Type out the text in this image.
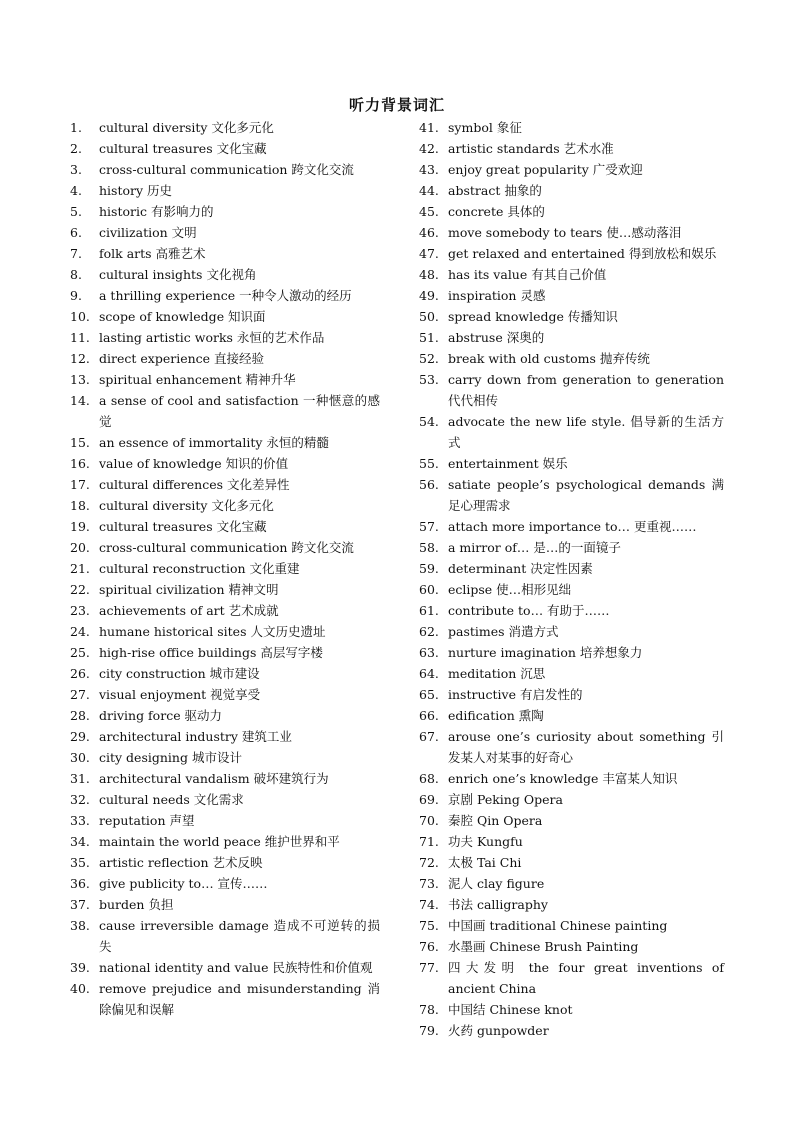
听力背景词汇
1.	cultural diversity 文化多元化
2.	cultural treasures 文化宝藏
3.	cross-cultural communication 跨文化交流
4.	history 历史
5.	historic 有影响力的
6.	civilization 文明
7.	folk arts 高雅艺术
8.	cultural insights 文化视角
9.	a thrilling experience 一种令人激动的经历
10. scope of knowledge 知识面
11. lasting artistic works 永恒的艺术作品
12. direct experience 直接经验
13. spiritual enhancement 精神升华
14. a sense of cool and satisfaction 一种惬意的感觉
15. an essence of immortality 永恒的精髓
16. value of knowledge 知识的价值
17. cultural differences 文化差异性
18. cultural diversity 文化多元化
19. cultural treasures 文化宝藏
20. cross-cultural communication 跨文化交流
21. cultural reconstruction 文化重建
22. spiritual civilization 精神文明
23. achievements of art 艺术成就
24. humane historical sites 人文历史遗址
25. high-rise office buildings 高层写字楼
26. city construction 城市建设
27. visual enjoyment 视觉享受
28. driving force 驱动力
29. architectural industry 建筑工业
30. city designing 城市设计
31. architectural vandalism 破坏建筑行为
32. cultural needs 文化需求
33. reputation 声望
34. maintain the world peace 维护世界和平
35. artistic reflection 艺术反映
36. give publicity to… 宣传……
37. burden 负担
38. cause irreversible damage 造成不可逆转的损失
39. national identity and value 民族特性和价值观
40. remove prejudice and misunderstanding 消除偏见和误解
41. symbol 象征
42. artistic standards 艺术水准
43. enjoy great popularity 广受欢迎
44. abstract 抽象的
45. concrete 具体的
46. move somebody to tears 使…感动落泪
47. get relaxed and entertained 得到放松和娱乐
48. has its value 有其自己价值
49. inspiration 灵感
50. spread knowledge 传播知识
51. abstruse 深奥的
52. break with old customs 抛弃传统
53. carry down from generation to generation 代代相传
54. advocate the new life style. 倡导新的生活方式
55. entertainment 娱乐
56. satiate people’s psychological demands 满足心理需求
57. attach more importance to… 更重视……
58. a mirror of… 是…的一面镜子
59. determinant 决定性因素
60. eclipse 使…相形见绌
61. contribute to… 有助于……
62. pastimes 消遣方式
63. nurture imagination 培养想象力
64. meditation 沉思
65. instructive 有启发性的
66. edification 熏陶
67. arouse one’s curiosity about something 引发某人对某事的好奇心
68. enrich one’s knowledge 丰富某人知识
69. 京剧 Peking Opera
70. 秦腔 Qin Opera
71. 功夫 Kungfu
72. 太极 Tai Chi
73. 泥人 clay figure
74. 书法 calligraphy
75. 中国画 traditional Chinese painting
76. 水墨画 Chinese Brush Painting
77. 四大发明 the four great inventions of ancient China
78. 中国结 Chinese knot
79. 火药 gunpowder
